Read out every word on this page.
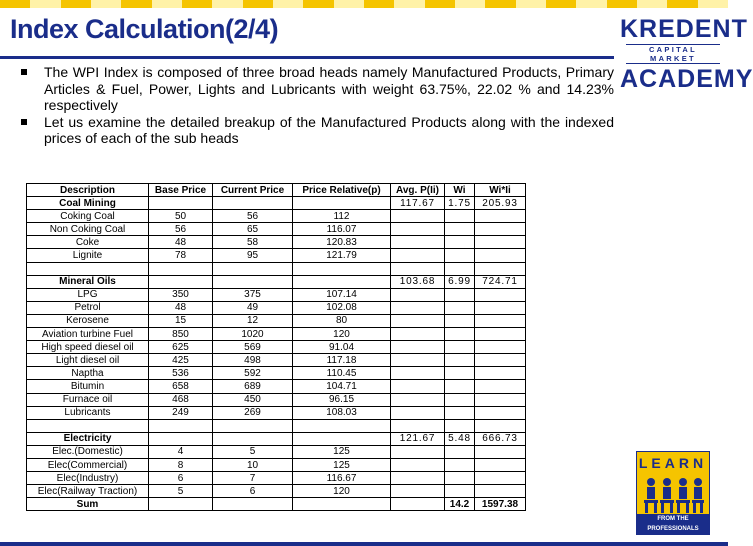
Index Calculation(2/4)	KREDENT
CAPITAL MARKET
ACADEMY
The WPI Index is composed of three broad heads namely Manufactured Products, Primary Articles & Fuel, Power, Lights and Lubricants with weight 63.75%, 22.02 % and 14.23% respectively
Let us examine the detailed breakup of the Manufactured Products along with the indexed prices of each of the sub heads
Description	Base Price	Current Price	Price Relative(p)	Avg. P(Ii)	Wi	Wi*Ii
Coal Mining				117.67	1.75	205.93
Coking Coal	50	56	112			
Non Coking Coal	56	65	116.07			
Coke	48	58	120.83			
Lignite	78	95	121.79			

Mineral Oils				103.68	6.99	724.71
LPG	350	375	107.14			
Petrol	48	49	102.08			
Kerosene	15	12	80			
Aviation turbine Fuel	850	1020	120			
High speed diesel oil	625	569	91.04			
Light diesel oil	425	498	117.18			
Naptha	536	592	110.45			
Bitumin	658	689	104.71			
Furnace oil	468	450	96.15			
Lubricants	249	269	108.03			

Electricity				121.67	5.48	666.73
Elec.(Domestic)	4	5	125			
Elec(Commercial)	8	10	125			
Elec(Industry)	6	7	116.67			
Elec(Railway Traction)	5	6	120			
Sum					14.2	1597.38
LEARN
FROM THE PROFESSIONALS
